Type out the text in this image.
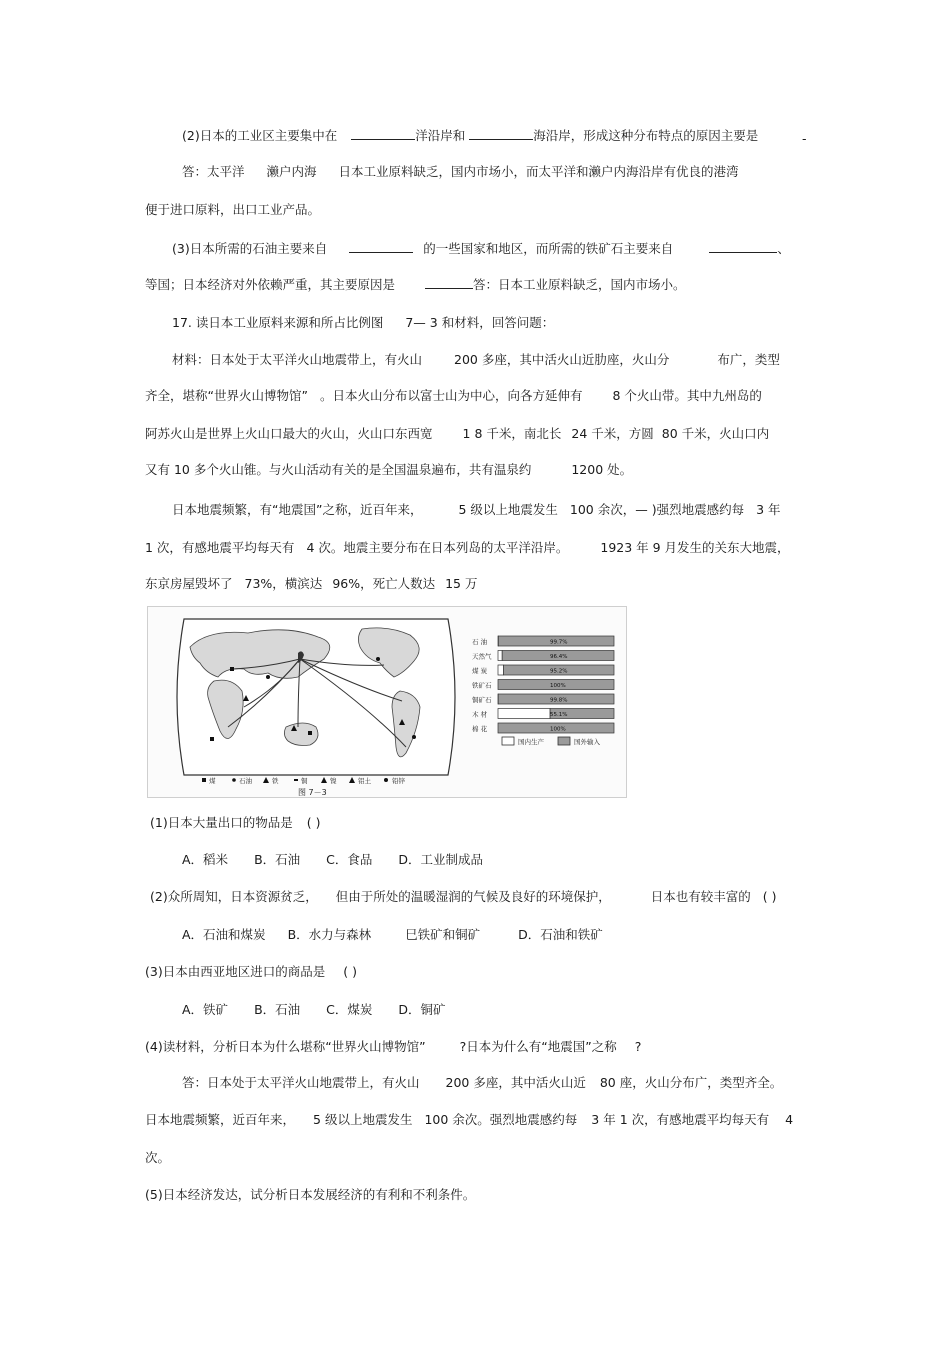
(2)日本的工业区主要集中在	洋沿岸和	海沿岸，形成这种分布特点的原因主要是	-
答：太平洋 濑户内海 日本工业原料缺乏，国内市场小，而太平洋和濑户内海沿岸有优良的港湾
便于进口原料，出口工业产品。
(3)日本所需的石油主要来自	的一些国家和地区，而所需的铁矿石主要来自	、
等国；日本经济对外依赖严重，其主要原因是	答：日本工业原料缺乏，国内市场小。
17. 读日本工业原料来源和所占比例图 7— 3 和材料，回答问题：
材料：日本处于太平洋火山地震带上，有火山	200 多座，其中活火山近肋座，火山分	布广，类型
齐全，堪称“世界火山博物馆” 。日本火山分布以富士山为中心，向各方延伸有 8 个火山带。其中九州岛的
阿苏火山是世界上火山口最大的火山，火山口东西宽 1 8 千米，南北长 24 千米，方圆 80 千米，火山口内
又有 10 多个火山锥。与火山活动有关的是全国温泉遍布，共有温泉约	1200 处。
日本地震频繁，有“地震国”之称，近百年来，	5 级以上地震发生 100 余次，— )强烈地震感约每 3 年
1 次，有感地震平均每天有 4 次。地震主要分布在日本列岛的太平洋沿岸。	1923 年 9 月发生的关东大地震，
东京房屋毁坏了 73%，横滨达 96%，死亡人数达 15 万
煤	石油	铁	铜	镍	铝土	铅锌
图 7－3
国内生产	国外输入
石 油	99.7%
天然气	96.4%
煤 炭	95.2%
铁矿石	100%
铜矿石	99.8%
木 材	55.1%
棉 花	100%
(1)日本大量出口的物品是 ( )
A．稻米 B．石油 C．食品 D．工业制成品
(2)众所周知，日本资源贫乏， 但由于所处的温暖湿润的气候及良好的环境保护，	日本也有较丰富的 ( )
A．石油和煤炭 B．水力与森林	巳铁矿和铜矿	D．石油和铁矿
(3)日本由西亚地区进口的商品是 ( )
A．铁矿 B．石油 C．煤炭 D．铜矿
(4)读材料，分析日本为什么堪称“世界火山博物馆”	?日本为什么有“地震国”之称 ?
答：日本处于太平洋火山地震带上，有火山 200 多座，其中活火山近 80 座，火山分布广，类型齐全。
日本地震频繁，近百年来， 5 级以上地震发生 100 余次。强烈地震感约每 3 年 1 次，有感地震平均每天有 4
次。
(5)日本经济发达，试分析日本发展经济的有利和不利条件。
